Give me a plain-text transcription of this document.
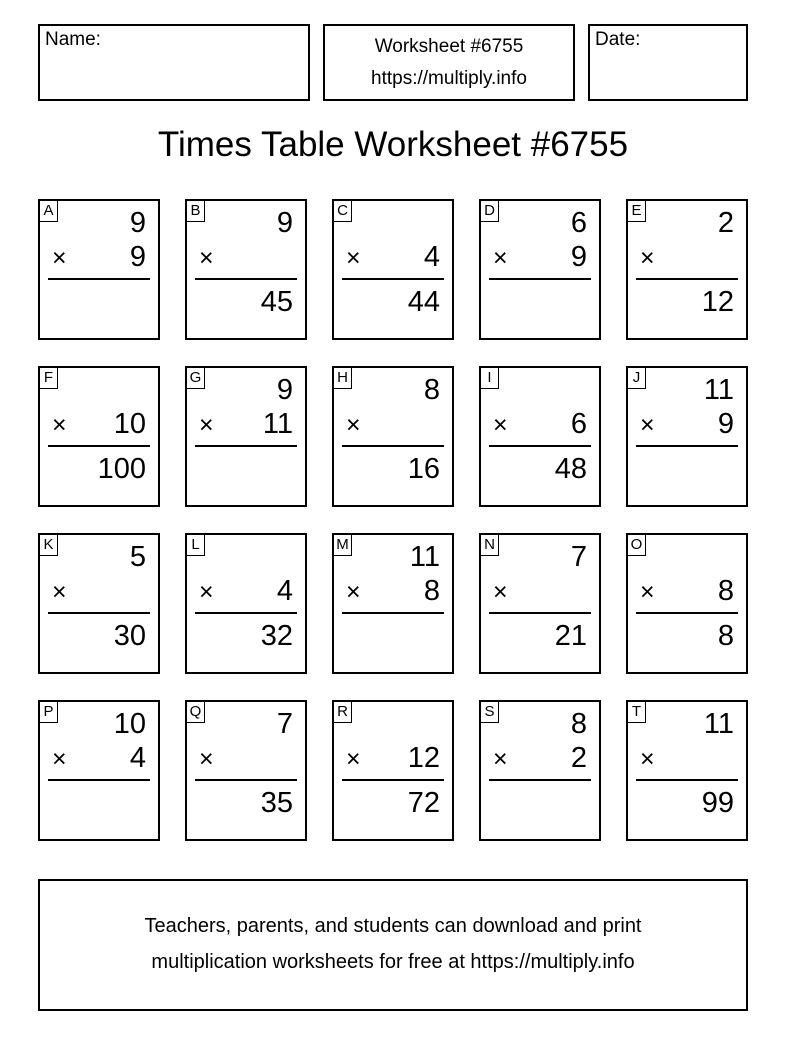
Name:	Worksheet #6755
https://multiply.info
Date:
Times Table Worksheet #6755
A	9
× 9
B	9
×
45
C
× 4
44
D	6
× 9
E	2
×
12
F
× 10
100
G	9
× 11
H	8
×
16
I
× 6
48
J 11
× 9
K	5
×
30
L
× 4
32
M 11
× 8
N	7
×
21
O
× 8
8
P 10
× 4
Q	7
×
35
R
× 12
72
S	8
× 2
T 11
×
99
Teachers, parents, and students can download and print
multiplication worksheets for free at https://multiply.info
